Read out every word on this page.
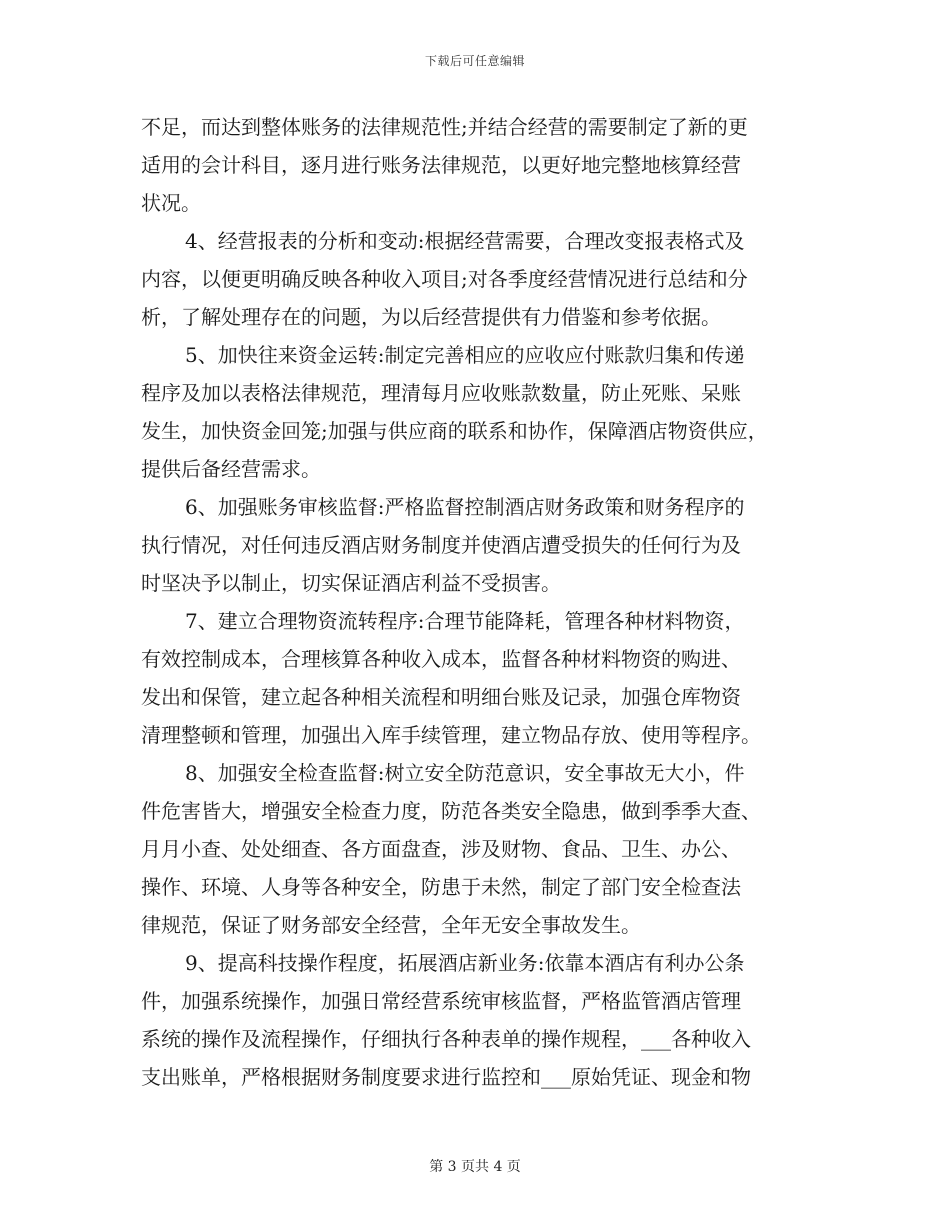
下载后可任意编辑
不足，而达到整体账务的法律规范性;并结合经营的需要制定了新的更
适用的会计科目，逐月进行账务法律规范，以更好地完整地核算经营
状况。
4、经营报表的分析和变动:根据经营需要，合理改变报表格式及
内容，以便更明确反映各种收入项目;对各季度经营情况进行总结和分
析，了解处理存在的问题，为以后经营提供有力借鉴和参考依据。
5、加快往来资金运转:制定完善相应的应收应付账款归集和传递
程序及加以表格法律规范，理清每月应收账款数量，防止死账、呆账
发生，加快资金回笼;加强与供应商的联系和协作，保障酒店物资供应，
提供后备经营需求。
6、加强账务审核监督:严格监督控制酒店财务政策和财务程序的
执行情况，对任何违反酒店财务制度并使酒店遭受损失的任何行为及
时坚决予以制止，切实保证酒店利益不受损害。
7、建立合理物资流转程序:合理节能降耗，管理各种材料物资，
有效控制成本，合理核算各种收入成本，监督各种材料物资的购进、
发出和保管，建立起各种相关流程和明细台账及记录，加强仓库物资
清理整顿和管理，加强出入库手续管理，建立物品存放、使用等程序。
8、加强安全检查监督:树立安全防范意识，安全事故无大小，件
件危害皆大，增强安全检查力度，防范各类安全隐患，做到季季大查、
月月小查、处处细查、各方面盘查，涉及财物、食品、卫生、办公、
操作、环境、人身等各种安全，防患于未然，制定了部门安全检查法
律规范，保证了财务部安全经营，全年无安全事故发生。
9、提高科技操作程度，拓展酒店新业务:依靠本酒店有利办公条
件，加强系统操作，加强日常经营系统审核监督，严格监管酒店管理
系统的操作及流程操作，仔细执行各种表单的操作规程，___各种收入
支出账单，严格根据财务制度要求进行监控和___原始凭证、现金和物
第 3 页共 4 页
